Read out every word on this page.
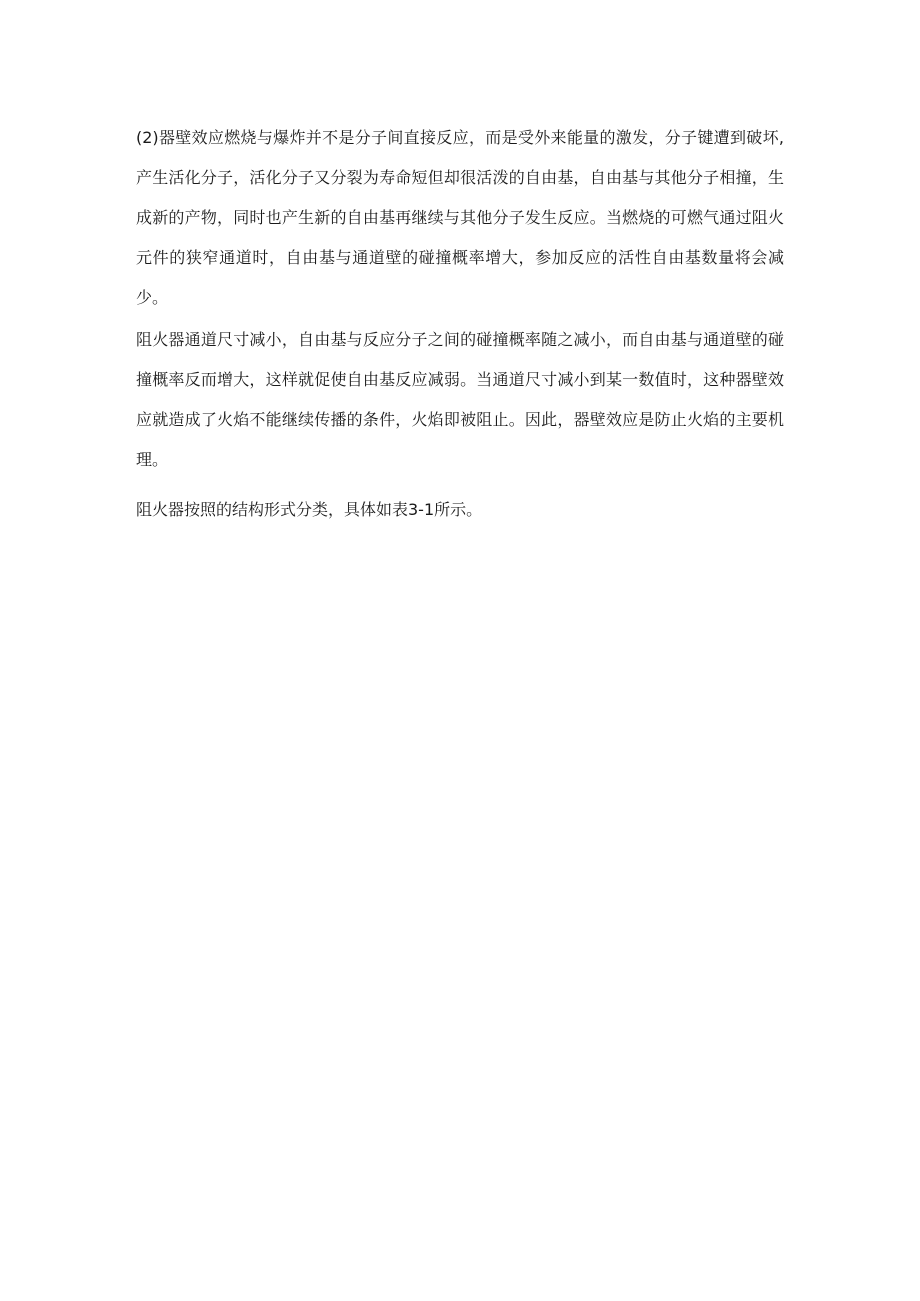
(2)器壁效应燃烧与爆炸并不是分子间直接反应，而是受外来能量的激发，分子键遭到破坏,产生活化分子，活化分子又分裂为寿命短但却很活泼的自由基，自由基与其他分子相撞，生成新的产物，同时也产生新的自由基再继续与其他分子发生反应。当燃烧的可燃气通过阻火元件的狭窄通道时，自由基与通道壁的碰撞概率增大，参加反应的活性自由基数量将会减少。

阻火器通道尺寸减小，自由基与反应分子之间的碰撞概率随之减小，而自由基与通道壁的碰撞概率反而增大，这样就促使自由基反应减弱。当通道尺寸减小到某一数值时，这种器壁效应就造成了火焰不能继续传播的条件，火焰即被阻止。因此，器壁效应是防止火焰的主要机理。

阻火器按照的结构形式分类，具体如表3-1所示。
